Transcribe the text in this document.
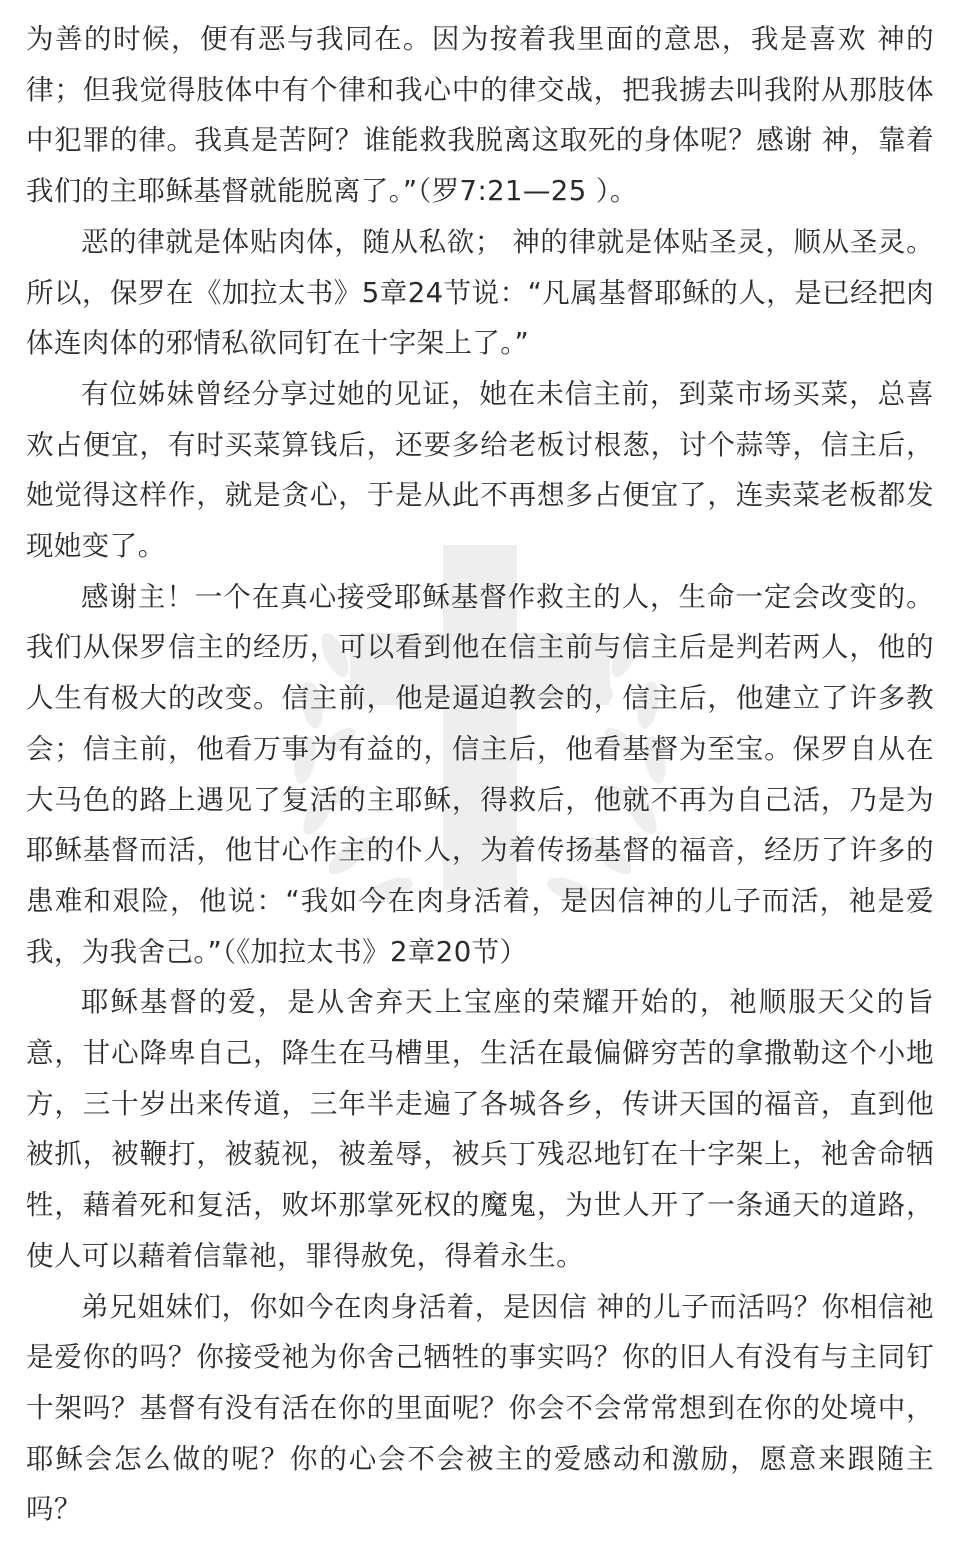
为善的时候，便有恶与我同在。因为按着我里面的意思，我是喜欢 神的律；但我觉得肢体中有个律和我心中的律交战，把我掳去叫我附从那肢体中犯罪的律。我真是苦阿？谁能救我脱离这取死的身体呢？感谢 神，靠着我们的主耶稣基督就能脱离了。”（罗7:21—25 ）。

恶的律就是体贴肉体，随从私欲； 神的律就是体贴圣灵，顺从圣灵。所以，保罗在《加拉太书》5章24节说：“凡属基督耶稣的人，是已经把肉体连肉体的邪情私欲同钉在十字架上了。”

有位姊妹曾经分享过她的见证，她在未信主前，到菜市场买菜，总喜欢占便宜，有时买菜算钱后，还要多给老板讨根葱，讨个蒜等，信主后，她觉得这样作，就是贪心，于是从此不再想多占便宜了，连卖菜老板都发现她变了。

感谢主！一个在真心接受耶稣基督作救主的人，生命一定会改变的。我们从保罗信主的经历，可以看到他在信主前与信主后是判若两人，他的人生有极大的改变。信主前，他是逼迫教会的，信主后，他建立了许多教会；信主前，他看万事为有益的，信主后，他看基督为至宝。保罗自从在大马色的路上遇见了复活的主耶稣，得救后，他就不再为自己活，乃是为耶稣基督而活，他甘心作主的仆人，为着传扬基督的福音，经历了许多的患难和艰险，他说：“我如今在肉身活着，是因信神的儿子而活，祂是爱我，为我舍己。”（《加拉太书》2章20节）

耶稣基督的爱，是从舍弃天上宝座的荣耀开始的，祂顺服天父的旨意，甘心降卑自己，降生在马槽里，生活在最偏僻穷苦的拿撒勒这个小地方，三十岁出来传道，三年半走遍了各城各乡，传讲天国的福音，直到他被抓，被鞭打，被藐视，被羞辱，被兵丁残忍地钉在十字架上，祂舍命牺牲，藉着死和复活，败坏那掌死权的魔鬼，为世人开了一条通天的道路，使人可以藉着信靠祂，罪得赦免，得着永生。

弟兄姐妹们，你如今在肉身活着，是因信 神的儿子而活吗？你相信祂是爱你的吗？你接受祂为你舍己牺牲的事实吗？你的旧人有没有与主同钉十架吗？基督有没有活在你的里面呢？你会不会常常想到在你的处境中，耶稣会怎么做的呢？你的心会不会被主的爱感动和激励，愿意来跟随主吗？
